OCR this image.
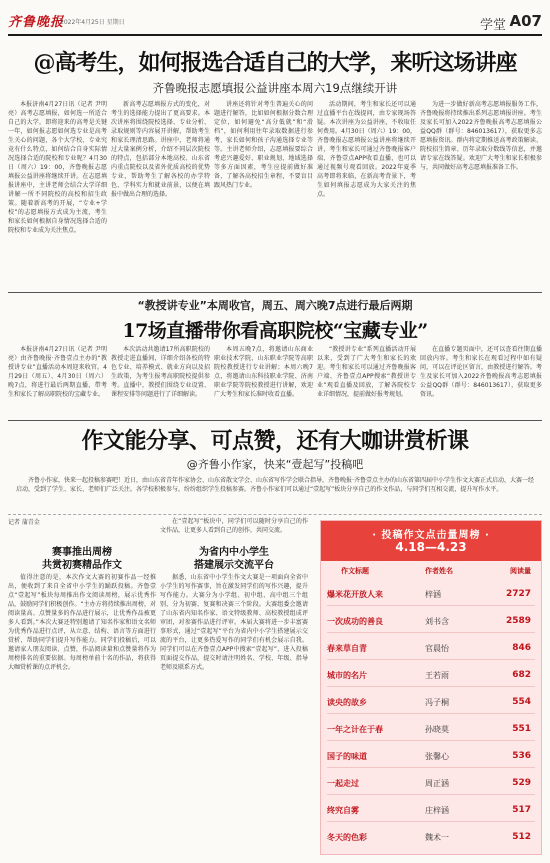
齐鲁晚报
2022年4月25日 星期日	学堂 A07
@高考生，如何报选合适自己的大学，来听这场讲座
齐鲁晚报志愿填报公益讲座本周六19点继续开讲
本报济南4月27日讯（记者 尹明亮）高考志愿填报，如何选一所适合自己的大学，即将迎来的高考是关键一年，如何报志愿如何选专业是高考生关心的问题，各个大学校、专业究竟有什么特点，如何结合自身实际情况选择合适的院校和专业呢？4月30日（周六）19：00，齐鲁晚报志愿填报公益讲座将继续开讲。在志愿填报讲座中，主讲老师会结合大学详细讲解一所不同院校的高校和招生政策。随着新高考的开展，“专业+学校”的志愿填报方式成为主流，考生和家长如何根据自身情况选择合适的院校和专业成为关注焦点。
新高考志愿填报方式的变化，对考生的选择能力提出了更高要求。本次讲座将围绕院校选择、专业分析、录取规则等内容展开讲解，帮助考生和家长理清思路。讲座中，老师将通过大量案例分析，介绍不同层次院校的特点，包括部分本地高校、山东省内重点院校以及省外优质高校的优势专业，帮助考生了解各校的办学特色、学科实力和就业前景，以便在填报中做出合理的选择。
讲座还将针对考生普遍关心的问题进行解答，比如如何根据分数合理定位，如何避免“高分低就”和“滑档”，如何利用往年录取数据进行参考，家长如何和孩子沟通选择专业等等。主讲老师介绍，志愿填报要综合考虑兴趣爱好、职业规划、地域选择等多方面因素，考生应提前做好准备，了解各高校招生章程，不要盲目跟风热门专业。
活动期间，考生和家长还可以通过直播平台在线提问，由专家现场答疑。本次讲座为公益讲座，不收取任何费用。4月30日（周六）19：00，齐鲁晚报志愿填报公益讲座将继续开讲，考生和家长可通过齐鲁晚报客户端、齐鲁壹点APP收看直播，也可以通过视频号观看回放。2022年夏季高考即将来临，在新高考背景下，考生如何填报志愿成为大家关注的焦点。
为进一步做好新高考志愿填报服务工作，齐鲁晚报将持续推出系列志愿填报讲座。考生及家长可加入2022齐鲁晚报高考志愿填报公益QQ群（群号：846013617），获取更多志愿填报资讯。群内将定期推送高考政策解读、院校招生简章、历年录取分数线等信息，并邀请专家在线答疑。欢迎广大考生和家长积极参与，共同做好高考志愿填报准备工作。
“教授讲专业”本周收官，周五、周六晚7点进行最后两期
17场直播带你看高职院校“宝藏专业”
本报济南4月27日讯（记者 尹明亮）由齐鲁晚报·齐鲁壹点主办的“教授讲专业”直播活动本周迎来收官。4月29日（周五）、4月30日（周六）晚7点，将进行最后两期直播，带考生和家长了解高职院校的宝藏专业。
本次活动共邀请17所高职院校的教授走进直播间，详细介绍各校的特色专业、培养模式、就业方向以及招生政策，为考生报考高职院校提供参考。直播中，教授们围绕专业设置、课程安排等问题进行了详细解读。
本周五晚7点，将邀请山东商业职业技术学院、山东职业学院等高职院校教授进行专业讲解；本周六晚7点，将邀请山东科技职业学院、济南职业学院等院校教授进行讲解，欢迎广大考生和家长准时收看直播。
“教授讲专业”系列直播活动开展以来，受到了广大考生和家长的欢迎。考生和家长可以通过齐鲁晚报客户端、齐鲁壹点APP搜索“教授讲专业”观看直播及回放，了解各院校专业详细情况，提前做好报考规划。
在直播专题页面中，还可以查看往期直播回放内容。考生和家长在观看过程中如有疑问，可以在评论区留言，由教授进行解答。考生及家长可加入2022齐鲁晚报高考志愿填报公益QQ群（群号：846013617），获取更多资讯。
作文能分享、可点赞，还有大咖讲赏析课
@齐鲁小作家，快来“壹起写”投稿吧
齐鲁小作家，快来一起投稿参赛吧！近日，由山东省青年作家协会、山东省散文学会、山东省写作学会联合指导，齐鲁晚报·齐鲁壹点主办的山东省第四届中小学生作文大赛正式启动，大赛一经启动，受到了学生、家长、老师们广泛关注。各学校积极参与，纷纷组织学生投稿参赛。齐鲁小作家们可以通过“壹起写”板块分享自己的作文作品，与同学们互相交流，提升写作水平。
记者 蒲青金	在“壹起写”板块中，同学们可以随时分享自己的作文作品，让更多人看到自己的创作，共同交流。
赛事推出周榜
共赏初赛精品作文
值得注意的是，本次作文大赛的初赛作品一经推出，便收到了来自全省中小学生的踊跃投稿。齐鲁壹点“壹起写”板块每周推出作文阅读周榜，展示优秀作品，鼓励同学们积极创作。“主办方将持续推出周榜，对阅读量高、点赞量多的作品进行展示，让优秀作品被更多人看到。”本次大赛还特别邀请了知名作家和语文名师为优秀作品进行点评，从立意、结构、语言等方面进行赏析，帮助同学们提升写作能力。同学们投稿后，可以邀请家人朋友阅读、点赞，作品阅读量和点赞量将作为周榜排名的重要依据。每周榜单前十名的作品，将获得大咖赏析课的点评机会。
为省内中小学生
搭建展示交流平台
据悉，山东省中小学生作文大赛是一项面向全省中小学生的写作赛事，旨在激发同学们的写作兴趣，提升写作能力。大赛分为小学组、初中组、高中组三个组别，分为初赛、复赛和决赛三个阶段。大赛组委会邀请了山东省内知名作家、语文特级教师、高校教授组成评审团，对参赛作品进行评审。本届大赛将进一步丰富赛事形式，通过“壹起写”平台为省内中小学生搭建展示交流的平台，让更多热爱写作的同学们有机会展示自我。同学们可以在齐鲁壹点APP中搜索“壹起写”，进入投稿页面提交作品，提交时请注明姓名、学校、年级、指导老师及联系方式。
· 投稿作文点击量周榜 ·
4.18—4.23
作文标题	作者姓名	阅读量
爆米花开放人来	梓涵	2727
一次成功的善良	刘书含	2589
春来草自青	官晨怡	846
城市的名片	王若雨	682
读央的故乡	冯子桐	554
一年之计在于春	孙晓莫	551
国子的味道	张馨心	536
一起走过	周正涵	529
终究自雾	庄梓涵	517
冬天的色彩	魏术一	512
